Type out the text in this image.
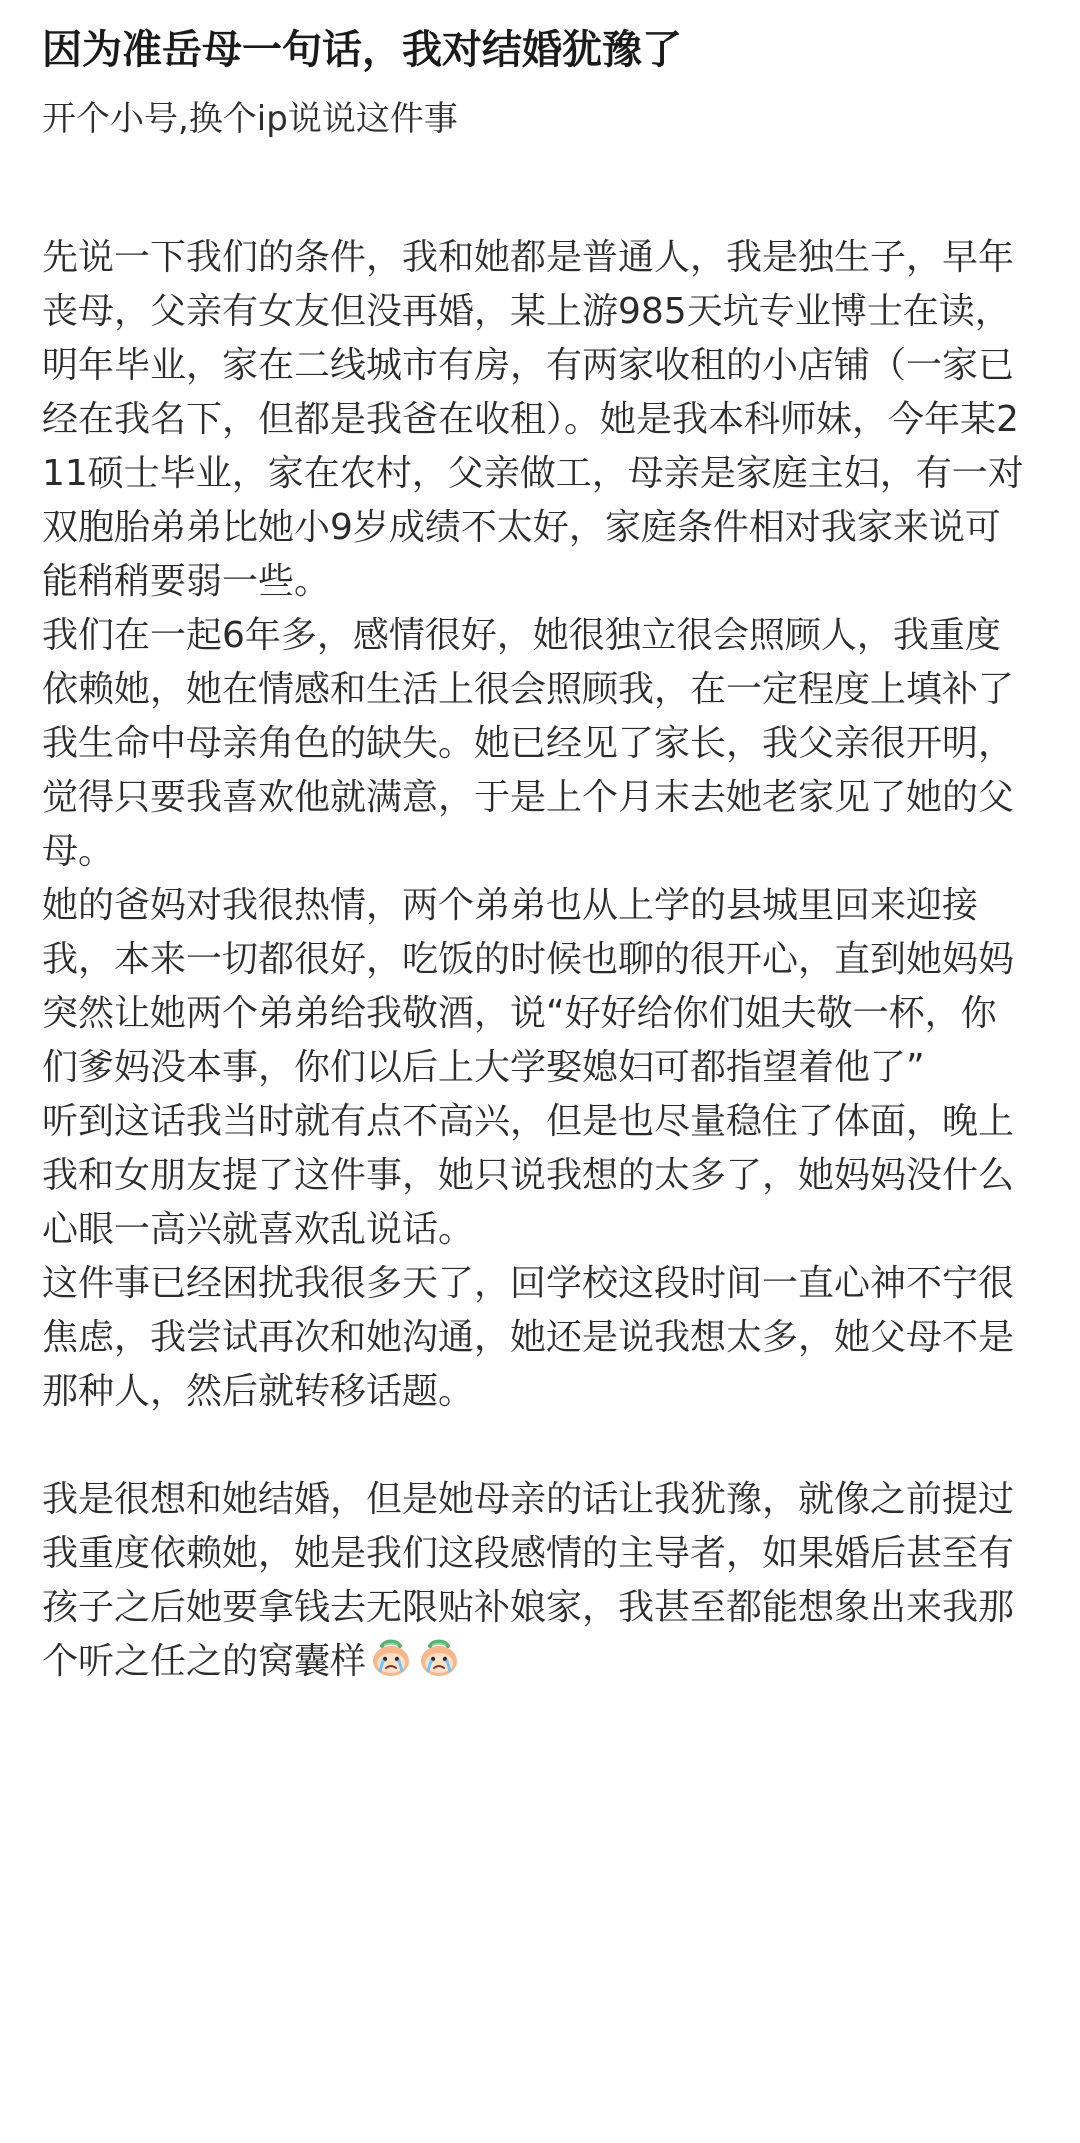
因为准岳母一句话，我对结婚犹豫了
开个小号,换个ip说说这件事

先说一下我们的条件，我和她都是普通人，我是独生子，早年丧母，父亲有女友但没再婚，某上游985天坑专业博士在读，明年毕业，家在二线城市有房，有两家收租的小店铺（一家已经在我名下，但都是我爸在收租）。她是我本科师妹，今年某211硕士毕业，家在农村，父亲做工，母亲是家庭主妇，有一对双胞胎弟弟比她小9岁成绩不太好，家庭条件相对我家来说可能稍稍要弱一些。

我们在一起6年多，感情很好，她很独立很会照顾人，我重度依赖她，她在情感和生活上很会照顾我，在一定程度上填补了我生命中母亲角色的缺失。她已经见了家长，我父亲很开明，觉得只要我喜欢他就满意，于是上个月末去她老家见了她的父母。

她的爸妈对我很热情，两个弟弟也从上学的县城里回来迎接我，本来一切都很好，吃饭的时候也聊的很开心，直到她妈妈突然让她两个弟弟给我敬酒，说“好好给你们姐夫敬一杯，你们爹妈没本事，你们以后上大学娶媳妇可都指望着他了”

听到这话我当时就有点不高兴，但是也尽量稳住了体面，晚上我和女朋友提了这件事，她只说我想的太多了，她妈妈没什么心眼一高兴就喜欢乱说话。

这件事已经困扰我很多天了，回学校这段时间一直心神不宁很焦虑，我尝试再次和她沟通，她还是说我想太多，她父母不是那种人，然后就转移话题。

我是很想和她结婚，但是她母亲的话让我犹豫，就像之前提过我重度依赖她，她是我们这段感情的主导者，如果婚后甚至有孩子之后她要拿钱去无限贴补娘家，我甚至都能想象出来我那个听之任之的窝囊样
